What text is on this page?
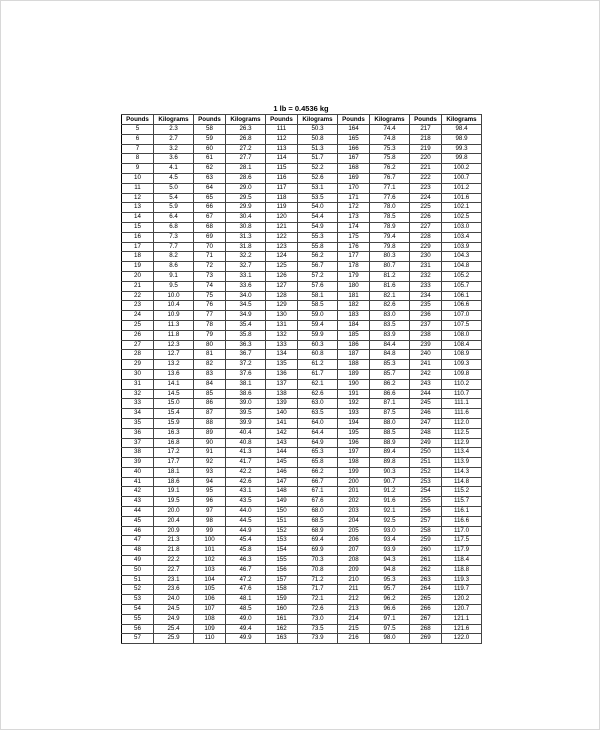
1 lb = 0.4536 kg
Pounds	Kilograms	Pounds	Kilograms	Pounds	Kilograms	Pounds	Kilograms	Pounds	Kilograms
5	2.3	58	26.3	111	50.3	164	74.4	217	98.4
6	2.7	59	26.8	112	50.8	165	74.8	218	98.9
7	3.2	60	27.2	113	51.3	166	75.3	219	99.3
8	3.6	61	27.7	114	51.7	167	75.8	220	99.8
9	4.1	62	28.1	115	52.2	168	76.2	221	100.2
10	4.5	63	28.6	116	52.6	169	76.7	222	100.7
11	5.0	64	29.0	117	53.1	170	77.1	223	101.2
12	5.4	65	29.5	118	53.5	171	77.6	224	101.6
13	5.9	66	29.9	119	54.0	172	78.0	225	102.1
14	6.4	67	30.4	120	54.4	173	78.5	226	102.5
15	6.8	68	30.8	121	54.9	174	78.9	227	103.0
16	7.3	69	31.3	122	55.3	175	79.4	228	103.4
17	7.7	70	31.8	123	55.8	176	79.8	229	103.9
18	8.2	71	32.2	124	56.2	177	80.3	230	104.3
19	8.6	72	32.7	125	56.7	178	80.7	231	104.8
20	9.1	73	33.1	126	57.2	179	81.2	232	105.2
21	9.5	74	33.6	127	57.6	180	81.6	233	105.7
22	10.0	75	34.0	128	58.1	181	82.1	234	106.1
23	10.4	76	34.5	129	58.5	182	82.6	235	106.6
24	10.9	77	34.9	130	59.0	183	83.0	236	107.0
25	11.3	78	35.4	131	59.4	184	83.5	237	107.5
26	11.8	79	35.8	132	59.9	185	83.9	238	108.0
27	12.3	80	36.3	133	60.3	186	84.4	239	108.4
28	12.7	81	36.7	134	60.8	187	84.8	240	108.9
29	13.2	82	37.2	135	61.2	188	85.3	241	109.3
30	13.6	83	37.6	136	61.7	189	85.7	242	109.8
31	14.1	84	38.1	137	62.1	190	86.2	243	110.2
32	14.5	85	38.6	138	62.6	191	86.6	244	110.7
33	15.0	86	39.0	139	63.0	192	87.1	245	111.1
34	15.4	87	39.5	140	63.5	193	87.5	246	111.6
35	15.9	88	39.9	141	64.0	194	88.0	247	112.0
36	16.3	89	40.4	142	64.4	195	88.5	248	112.5
37	16.8	90	40.8	143	64.9	196	88.9	249	112.9
38	17.2	91	41.3	144	65.3	197	89.4	250	113.4
39	17.7	92	41.7	145	65.8	198	89.8	251	113.9
40	18.1	93	42.2	146	66.2	199	90.3	252	114.3
41	18.6	94	42.6	147	66.7	200	90.7	253	114.8
42	19.1	95	43.1	148	67.1	201	91.2	254	115.2
43	19.5	96	43.5	149	67.6	202	91.6	255	115.7
44	20.0	97	44.0	150	68.0	203	92.1	256	116.1
45	20.4	98	44.5	151	68.5	204	92.5	257	116.6
46	20.9	99	44.9	152	68.9	205	93.0	258	117.0
47	21.3	100	45.4	153	69.4	206	93.4	259	117.5
48	21.8	101	45.8	154	69.9	207	93.9	260	117.9
49	22.2	102	46.3	155	70.3	208	94.3	261	118.4
50	22.7	103	46.7	156	70.8	209	94.8	262	118.8
51	23.1	104	47.2	157	71.2	210	95.3	263	119.3
52	23.6	105	47.6	158	71.7	211	95.7	264	119.7
53	24.0	106	48.1	159	72.1	212	96.2	265	120.2
54	24.5	107	48.5	160	72.6	213	96.6	266	120.7
55	24.9	108	49.0	161	73.0	214	97.1	267	121.1
56	25.4	109	49.4	162	73.5	215	97.5	268	121.6
57	25.9	110	49.9	163	73.9	216	98.0	269	122.0
